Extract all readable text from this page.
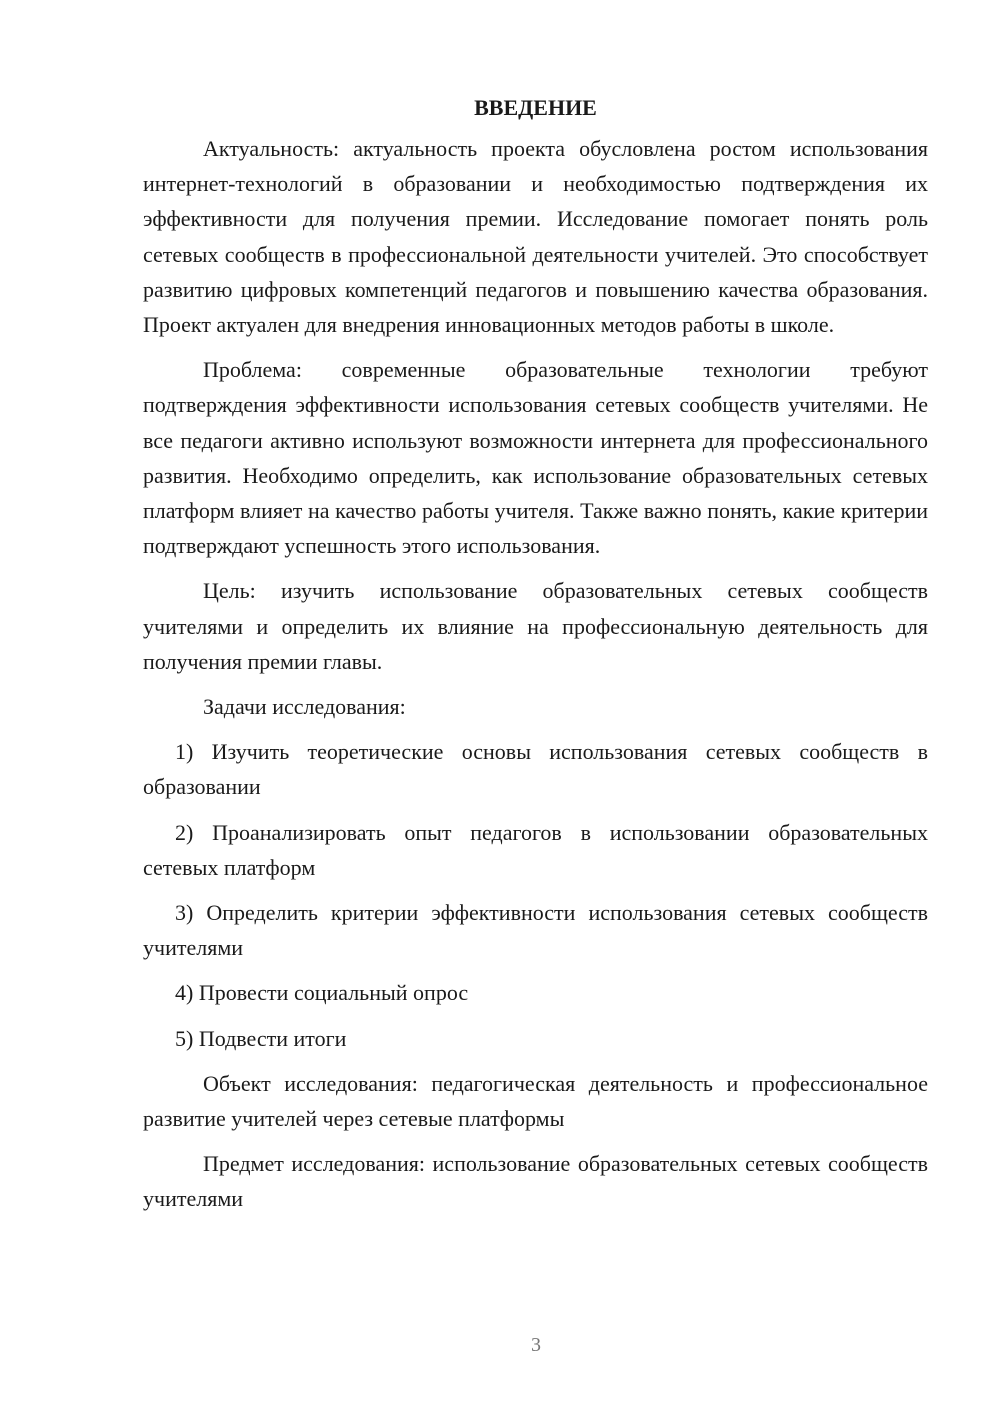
ВВЕДЕНИЕ

Актуальность: актуальность проекта обусловлена ростом использования интернет-технологий в образовании и необходимостью подтверждения их эффективности для получения премии. Исследование помогает понять роль сетевых сообществ в профессиональной деятельности учителей. Это способствует развитию цифровых компетенций педагогов и повышению качества образования. Проект актуален для внедрения инновационных методов работы в школе.

Проблема: современные образовательные технологии требуют подтверждения эффективности использования сетевых сообществ учителями. Не все педагоги активно используют возможности интернета для профессионального развития. Необходимо определить, как использование образовательных сетевых платформ влияет на качество работы учителя. Также важно понять, какие критерии подтверждают успешность этого использования.

Цель: изучить использование образовательных сетевых сообществ учителями и определить их влияние на профессиональную деятельность для получения премии главы.

Задачи исследования:

1) Изучить теоретические основы использования сетевых сообществ в образовании

2) Проанализировать опыт педагогов в использовании образовательных сетевых платформ

3) Определить критерии эффективности использования сетевых сообществ учителями

4) Провести социальный опрос

5) Подвести итоги

Объект исследования: педагогическая деятельность и профессиональное развитие учителей через сетевые платформы

Предмет исследования: использование образовательных сетевых сообществ учителями

3
